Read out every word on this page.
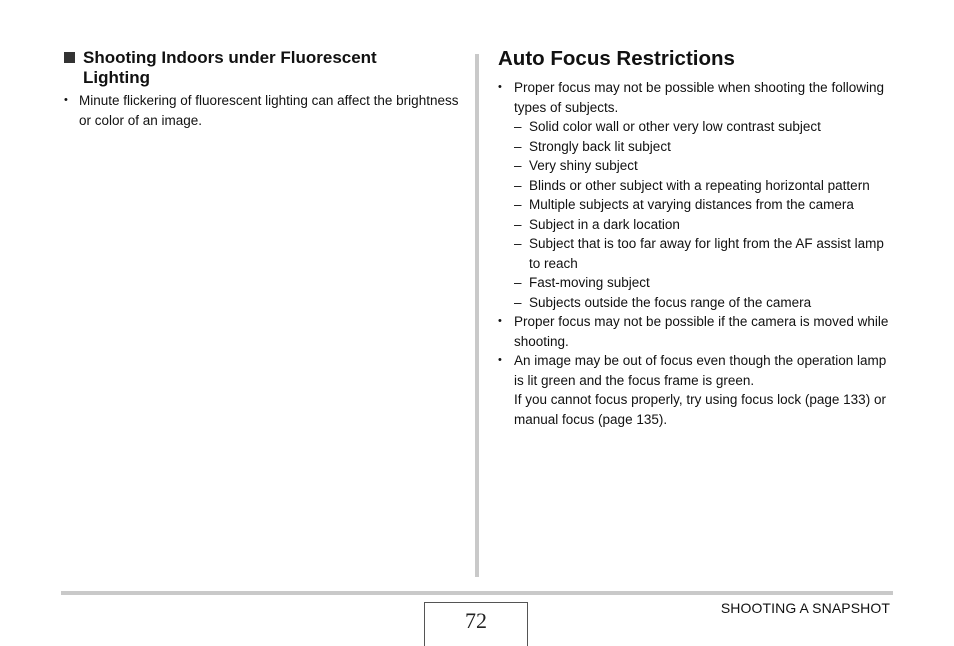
Shooting Indoors under Fluorescent Lighting
• Minute flickering of fluorescent lighting can affect the brightness or color of an image.
Auto Focus Restrictions
• Proper focus may not be possible when shooting the following types of subjects.
– Solid color wall or other very low contrast subject
– Strongly back lit subject
– Very shiny subject
– Blinds or other subject with a repeating horizontal pattern
– Multiple subjects at varying distances from the camera
– Subject in a dark location
– Subject that is too far away for light from the AF assist lamp to reach
– Fast-moving subject
– Subjects outside the focus range of the camera
• Proper focus may not be possible if the camera is moved while shooting.
• An image may be out of focus even though the operation lamp is lit green and the focus frame is green.
If you cannot focus properly, try using focus lock (page 133) or manual focus (page 135).
72	SHOOTING A SNAPSHOT
